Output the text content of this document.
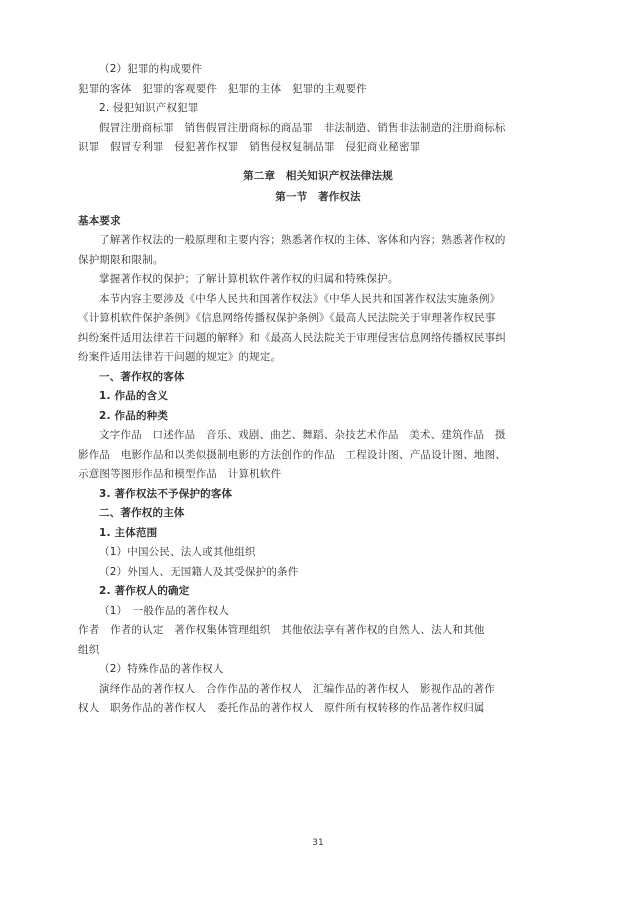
（2）犯罪的构成要件

犯罪的客体　犯罪的客观要件　犯罪的主体　犯罪的主观要件

2. 侵犯知识产权犯罪

假冒注册商标罪　销售假冒注册商标的商品罪　非法制造、销售非法制造的注册商标标

识罪　假冒专利罪　侵犯著作权罪　销售侵权复制品罪　侵犯商业秘密罪

第二章　相关知识产权法律法规

第一节　著作权法

基本要求

了解著作权法的一般原理和主要内容；熟悉著作权的主体、客体和内容；熟悉著作权的

保护期限和限制。

掌握著作权的保护；了解计算机软件著作权的归属和特殊保护。

本节内容主要涉及《中华人民共和国著作权法》《中华人民共和国著作权法实施条例》

《计算机软件保护条例》《信息网络传播权保护条例》《最高人民法院关于审理著作权民事

纠纷案件适用法律若干问题的解释》和《最高人民法院关于审理侵害信息网络传播权民事纠

纷案件适用法律若干问题的规定》的规定。

一、著作权的客体

1. 作品的含义

2. 作品的种类

文字作品　口述作品　音乐、戏剧、曲艺、舞蹈、杂技艺术作品　美术、建筑作品　摄

影作品　电影作品和以类似摄制电影的方法创作的作品　工程设计图、产品设计图、地图、

示意图等图形作品和模型作品　计算机软件

3. 著作权法不予保护的客体

二、著作权的主体

1. 主体范围

（1）中国公民、法人或其他组织

（2）外国人、无国籍人及其受保护的条件

2. 著作权人的确定

（1）　一般作品的著作权人

作者　作者的认定　著作权集体管理组织　其他依法享有著作权的自然人、法人和其他

组织

（2）特殊作品的著作权人

演绎作品的著作权人　合作作品的著作权人　汇编作品的著作权人　影视作品的著作

权人　职务作品的著作权人　委托作品的著作权人　原件所有权转移的作品著作权归属

31
